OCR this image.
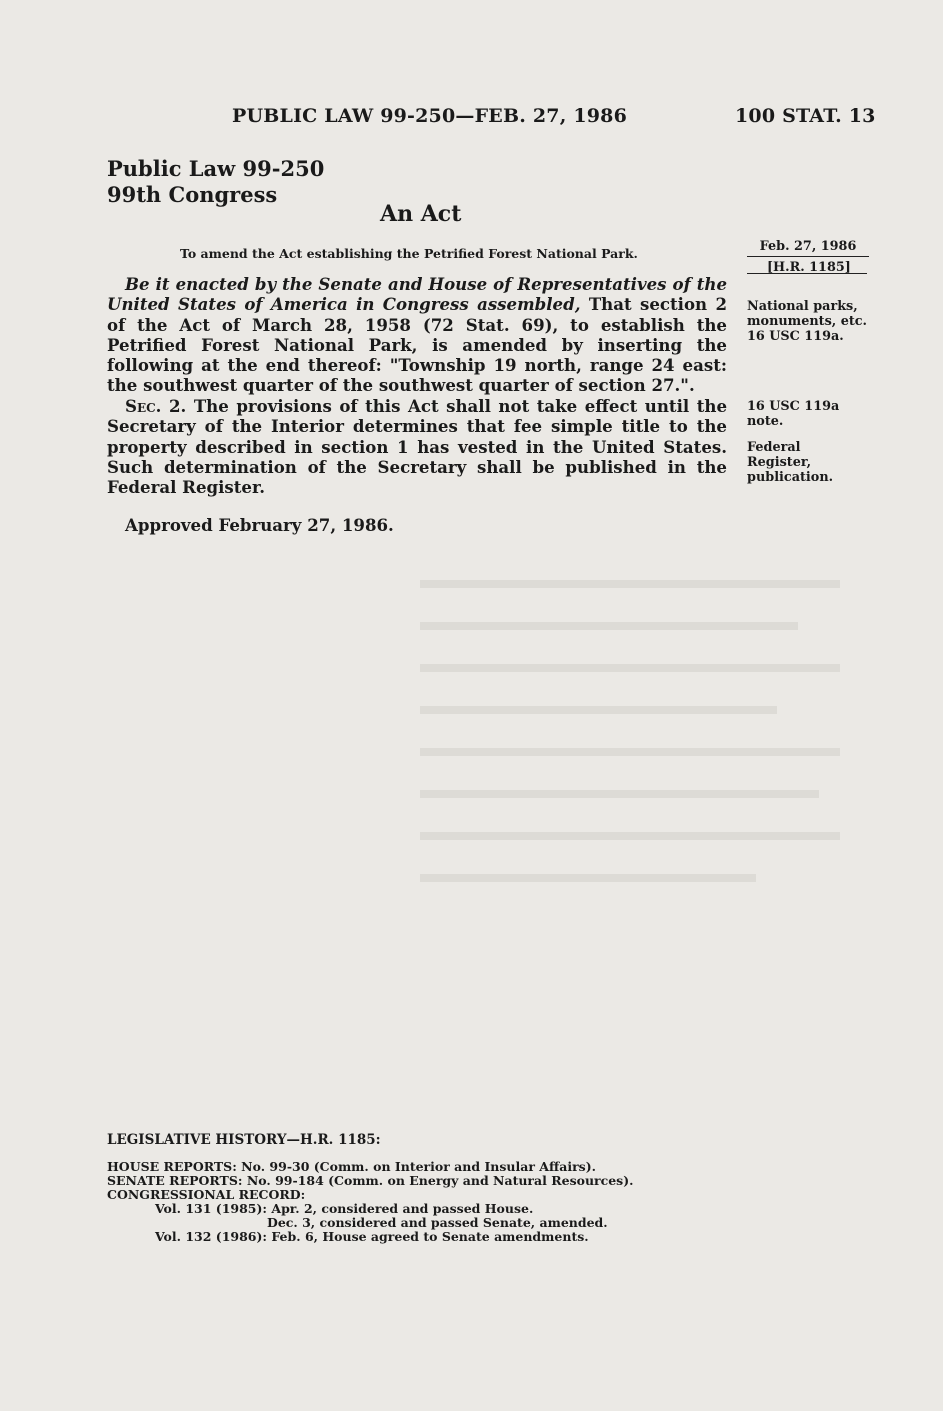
PUBLIC LAW 99-250—FEB. 27, 1986	100 STAT. 13
Public Law 99-250
99th Congress
An Act
To amend the Act establishing the Petrified Forest National Park.	Feb. 27, 1986
[H.R. 1185]
National parks,
monuments, etc.
16 USC 119a.
16 USC 119a
note.
Federal
Register,
publication.
Be it enacted by the Senate and House of Representatives of the United States of America in Congress assembled, That section 2 of the Act of March 28, 1958 (72 Stat. 69), to establish the Petrified Forest National Park, is amended by inserting the following at the end thereof: "Township 19 north, range 24 east: the southwest quarter of the southwest quarter of section 27.".
Sec. 2. The provisions of this Act shall not take effect until the Secretary of the Interior determines that fee simple title to the property described in section 1 has vested in the United States. Such determination of the Secretary shall be published in the Federal Register.
Approved February 27, 1986.
LEGISLATIVE HISTORY—H.R. 1185:
HOUSE REPORTS: No. 99-30 (Comm. on Interior and Insular Affairs).
SENATE REPORTS: No. 99-184 (Comm. on Energy and Natural Resources).
CONGRESSIONAL RECORD:
Vol. 131 (1985): Apr. 2, considered and passed House.
Dec. 3, considered and passed Senate, amended.
Vol. 132 (1986): Feb. 6, House agreed to Senate amendments.
